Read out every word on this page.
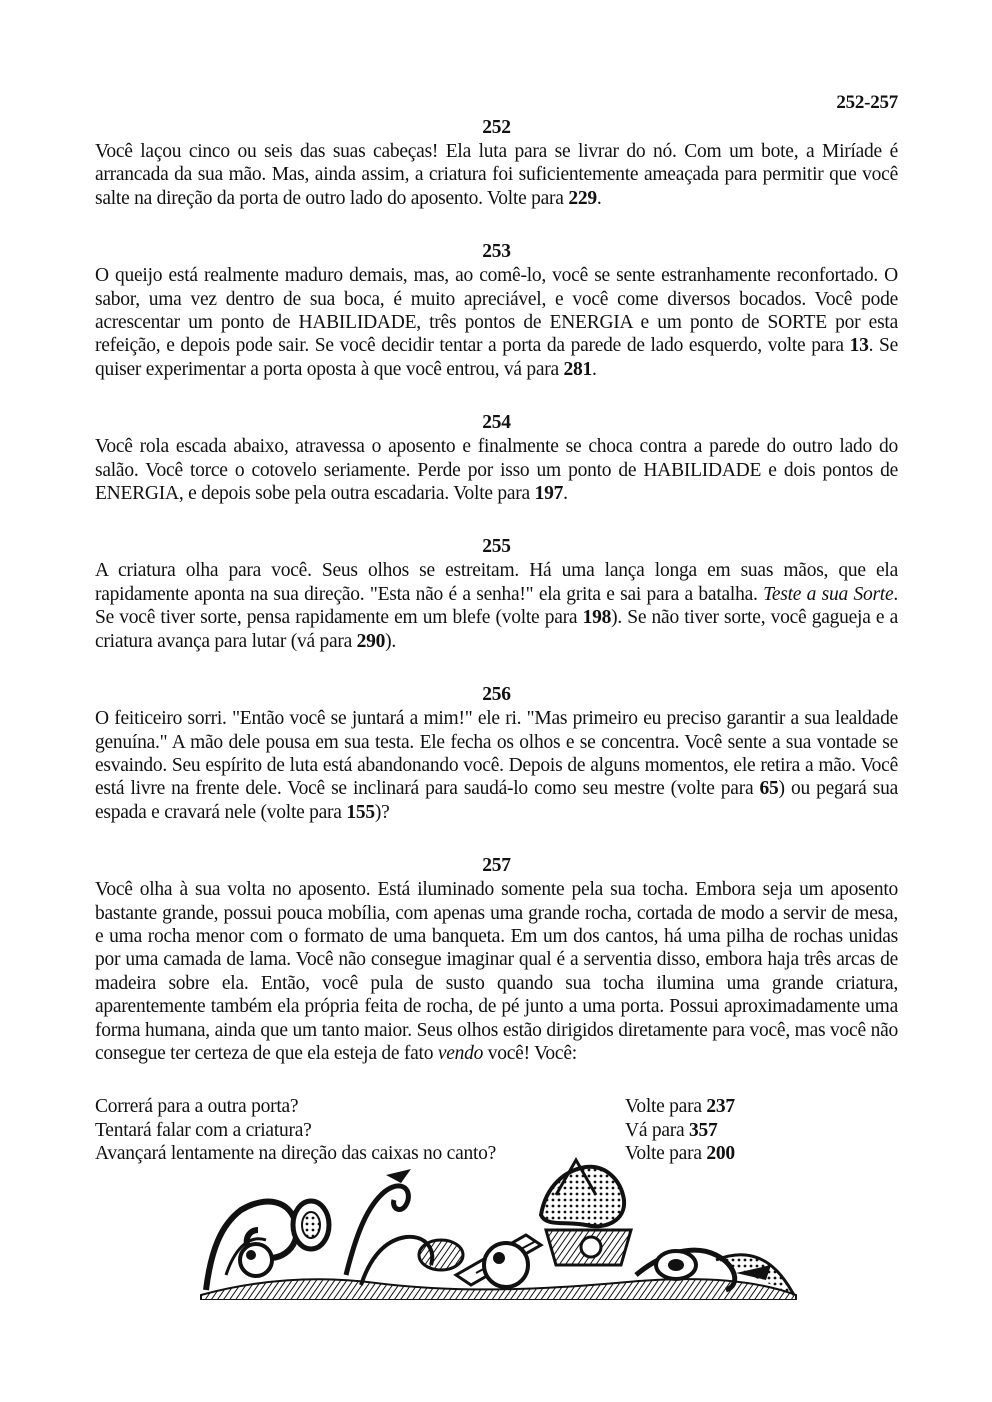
252-257
252
Você laçou cinco ou seis das suas cabeças! Ela luta para se livrar do nó. Com um bote, a Miríade é arrancada da sua mão. Mas, ainda assim, a criatura foi suficientemente ameaçada para permitir que você salte na direção da porta de outro lado do aposento. Volte para 229.
253
O queijo está realmente maduro demais, mas, ao comê-lo, você se sente estranhamente reconfortado. O sabor, uma vez dentro de sua boca, é muito apreciável, e você come diversos bocados. Você pode acrescentar um ponto de HABILIDADE, três pontos de ENERGIA e um ponto de SORTE por esta refeição, e depois pode sair. Se você decidir tentar a porta da parede de lado esquerdo, volte para 13. Se quiser experimentar a porta oposta à que você entrou, vá para 281.
254
Você rola escada abaixo, atravessa o aposento e finalmente se choca contra a parede do outro lado do salão. Você torce o cotovelo seriamente. Perde por isso um ponto de HABILIDADE e dois pontos de ENERGIA, e depois sobe pela outra escadaria. Volte para 197.
255
A criatura olha para você. Seus olhos se estreitam. Há uma lança longa em suas mãos, que ela rapidamente aponta na sua direção. "Esta não é a senha!" ela grita e sai para a batalha. Teste a sua Sorte. Se você tiver sorte, pensa rapidamente em um blefe (volte para 198). Se não tiver sorte, você gagueja e a criatura avança para lutar (vá para 290).
256
O feiticeiro sorri. "Então você se juntará a mim!" ele ri. "Mas primeiro eu preciso garantir a sua lealdade genuína." A mão dele pousa em sua testa. Ele fecha os olhos e se concentra. Você sente a sua vontade se esvaindo. Seu espírito de luta está abandonando você. Depois de alguns momentos, ele retira a mão. Você está livre na frente dele. Você se inclinará para saudá-lo como seu mestre (volte para 65) ou pegará sua espada e cravará nele (volte para 155)?
257
Você olha à sua volta no aposento. Está iluminado somente pela sua tocha. Embora seja um aposento bastante grande, possui pouca mobília, com apenas uma grande rocha, cortada de modo a servir de mesa, e uma rocha menor com o formato de uma banqueta. Em um dos cantos, há uma pilha de rochas unidas por uma camada de lama. Você não consegue imaginar qual é a serventia disso, embora haja três arcas de madeira sobre ela. Então, você pula de susto quando sua tocha ilumina uma grande criatura, aparentemente também ela própria feita de rocha, de pé junto a uma porta. Possui aproximadamente uma forma humana, ainda que um tanto maior. Seus olhos estão dirigidos diretamente para você, mas você não consegue ter certeza de que ela esteja de fato vendo você! Você:
Correrá para a outra porta?	Volte para 237
Tentará falar com a criatura?	Vá para 357
Avançará lentamente na direção das caixas no canto?	Volte para 200
